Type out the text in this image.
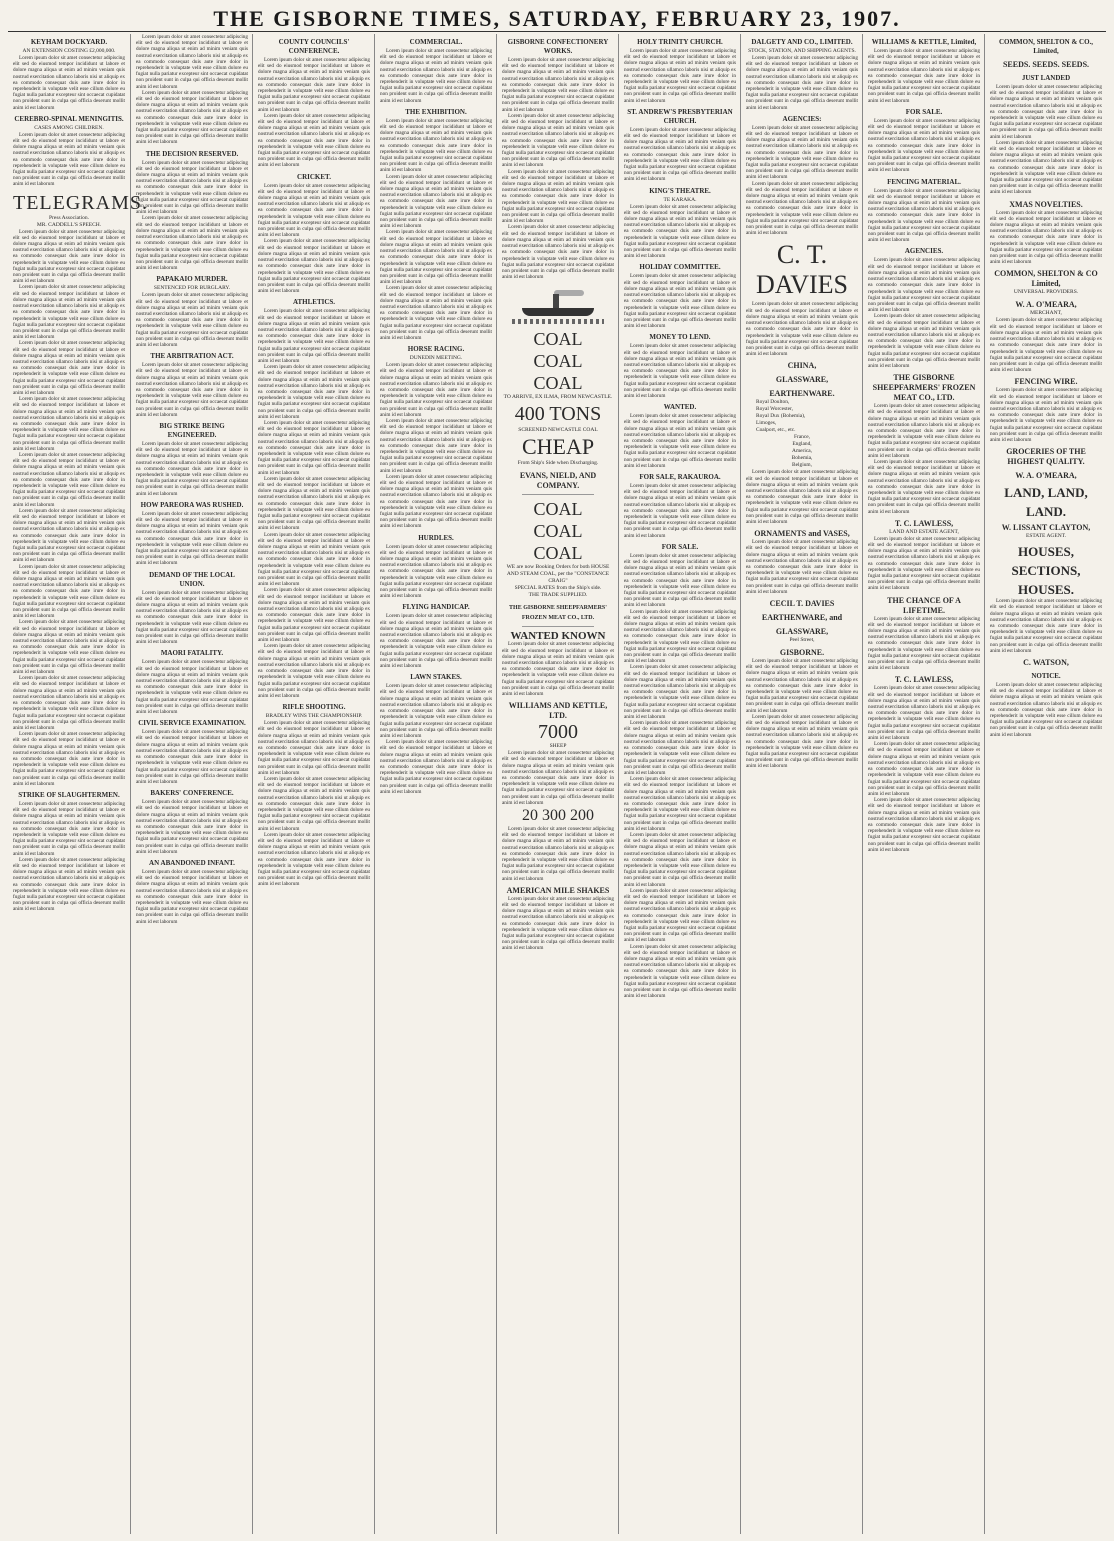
THE GISBORNE TIMES, SATURDAY, FEBRUARY 23, 1907.
KEYHAM DOCKYARD.
AN EXTENSION COSTING £2,000,000.

Lorem ipsum dolor sit amet consectetur adipiscing elit sed do eiusmod tempor incididunt ut labore et dolore magna aliqua ut enim ad minim veniam quis nostrud exercitation ullamco laboris nisi ut aliquip ex ea commodo consequat duis aute irure dolor in reprehenderit in voluptate velit esse cillum dolore eu fugiat nulla pariatur excepteur sint occaecat cupidatat non proident sunt in culpa qui officia deserunt mollit anim id est laborum

CEREBRO-SPINAL MENINGITIS.
CASES AMONG CHILDREN.

Lorem ipsum dolor sit amet consectetur adipiscing elit sed do eiusmod tempor incididunt ut labore et dolore magna aliqua ut enim ad minim veniam quis nostrud exercitation ullamco laboris nisi ut aliquip ex ea commodo consequat duis aute irure dolor in reprehenderit in voluptate velit esse cillum dolore eu fugiat nulla pariatur excepteur sint occaecat cupidatat non proident sunt in culpa qui officia deserunt mollit anim id est laborum

TELEGRAMS.
Press Association.
MR. CADDELL'S SPEECH.

Lorem ipsum dolor sit amet consectetur adipiscing elit sed do eiusmod tempor incididunt ut labore et dolore magna aliqua ut enim ad minim veniam quis nostrud exercitation ullamco laboris nisi ut aliquip ex ea commodo consequat duis aute irure dolor in reprehenderit in voluptate velit esse cillum dolore eu fugiat nulla pariatur excepteur sint occaecat cupidatat non proident sunt in culpa qui officia deserunt mollit anim id est laborum

Lorem ipsum dolor sit amet consectetur adipiscing elit sed do eiusmod tempor incididunt ut labore et dolore magna aliqua ut enim ad minim veniam quis nostrud exercitation ullamco laboris nisi ut aliquip ex ea commodo consequat duis aute irure dolor in reprehenderit in voluptate velit esse cillum dolore eu fugiat nulla pariatur excepteur sint occaecat cupidatat non proident sunt in culpa qui officia deserunt mollit anim id est laborum

Lorem ipsum dolor sit amet consectetur adipiscing elit sed do eiusmod tempor incididunt ut labore et dolore magna aliqua ut enim ad minim veniam quis nostrud exercitation ullamco laboris nisi ut aliquip ex ea commodo consequat duis aute irure dolor in reprehenderit in voluptate velit esse cillum dolore eu fugiat nulla pariatur excepteur sint occaecat cupidatat non proident sunt in culpa qui officia deserunt mollit anim id est laborum

Lorem ipsum dolor sit amet consectetur adipiscing elit sed do eiusmod tempor incididunt ut labore et dolore magna aliqua ut enim ad minim veniam quis nostrud exercitation ullamco laboris nisi ut aliquip ex ea commodo consequat duis aute irure dolor in reprehenderit in voluptate velit esse cillum dolore eu fugiat nulla pariatur excepteur sint occaecat cupidatat non proident sunt in culpa qui officia deserunt mollit anim id est laborum

Lorem ipsum dolor sit amet consectetur adipiscing elit sed do eiusmod tempor incididunt ut labore et dolore magna aliqua ut enim ad minim veniam quis nostrud exercitation ullamco laboris nisi ut aliquip ex ea commodo consequat duis aute irure dolor in reprehenderit in voluptate velit esse cillum dolore eu fugiat nulla pariatur excepteur sint occaecat cupidatat non proident sunt in culpa qui officia deserunt mollit anim id est laborum

Lorem ipsum dolor sit amet consectetur adipiscing elit sed do eiusmod tempor incididunt ut labore et dolore magna aliqua ut enim ad minim veniam quis nostrud exercitation ullamco laboris nisi ut aliquip ex ea commodo consequat duis aute irure dolor in reprehenderit in voluptate velit esse cillum dolore eu fugiat nulla pariatur excepteur sint occaecat cupidatat non proident sunt in culpa qui officia deserunt mollit anim id est laborum

Lorem ipsum dolor sit amet consectetur adipiscing elit sed do eiusmod tempor incididunt ut labore et dolore magna aliqua ut enim ad minim veniam quis nostrud exercitation ullamco laboris nisi ut aliquip ex ea commodo consequat duis aute irure dolor in reprehenderit in voluptate velit esse cillum dolore eu fugiat nulla pariatur excepteur sint occaecat cupidatat non proident sunt in culpa qui officia deserunt mollit anim id est laborum

Lorem ipsum dolor sit amet consectetur adipiscing elit sed do eiusmod tempor incididunt ut labore et dolore magna aliqua ut enim ad minim veniam quis nostrud exercitation ullamco laboris nisi ut aliquip ex ea commodo consequat duis aute irure dolor in reprehenderit in voluptate velit esse cillum dolore eu fugiat nulla pariatur excepteur sint occaecat cupidatat non proident sunt in culpa qui officia deserunt mollit anim id est laborum

Lorem ipsum dolor sit amet consectetur adipiscing elit sed do eiusmod tempor incididunt ut labore et dolore magna aliqua ut enim ad minim veniam quis nostrud exercitation ullamco laboris nisi ut aliquip ex ea commodo consequat duis aute irure dolor in reprehenderit in voluptate velit esse cillum dolore eu fugiat nulla pariatur excepteur sint occaecat cupidatat non proident sunt in culpa qui officia deserunt mollit anim id est laborum

Lorem ipsum dolor sit amet consectetur adipiscing elit sed do eiusmod tempor incididunt ut labore et dolore magna aliqua ut enim ad minim veniam quis nostrud exercitation ullamco laboris nisi ut aliquip ex ea commodo consequat duis aute irure dolor in reprehenderit in voluptate velit esse cillum dolore eu fugiat nulla pariatur excepteur sint occaecat cupidatat non proident sunt in culpa qui officia deserunt mollit anim id est laborum

STRIKE OF SLAUGHTERMEN.

Lorem ipsum dolor sit amet consectetur adipiscing elit sed do eiusmod tempor incididunt ut labore et dolore magna aliqua ut enim ad minim veniam quis nostrud exercitation ullamco laboris nisi ut aliquip ex ea commodo consequat duis aute irure dolor in reprehenderit in voluptate velit esse cillum dolore eu fugiat nulla pariatur excepteur sint occaecat cupidatat non proident sunt in culpa qui officia deserunt mollit anim id est laborum

Lorem ipsum dolor sit amet consectetur adipiscing elit sed do eiusmod tempor incididunt ut labore et dolore magna aliqua ut enim ad minim veniam quis nostrud exercitation ullamco laboris nisi ut aliquip ex ea commodo consequat duis aute irure dolor in reprehenderit in voluptate velit esse cillum dolore eu fugiat nulla pariatur excepteur sint occaecat cupidatat non proident sunt in culpa qui officia deserunt mollit anim id est laborum

Lorem ipsum dolor sit amet consectetur adipiscing elit sed do eiusmod tempor incididunt ut labore et dolore magna aliqua ut enim ad minim veniam quis nostrud exercitation ullamco laboris nisi ut aliquip ex ea commodo consequat duis aute irure dolor in reprehenderit in voluptate velit esse cillum dolore eu fugiat nulla pariatur excepteur sint occaecat cupidatat non proident sunt in culpa qui officia deserunt mollit anim id est laborum

Lorem ipsum dolor sit amet consectetur adipiscing elit sed do eiusmod tempor incididunt ut labore et dolore magna aliqua ut enim ad minim veniam quis nostrud exercitation ullamco laboris nisi ut aliquip ex ea commodo consequat duis aute irure dolor in reprehenderit in voluptate velit esse cillum dolore eu fugiat nulla pariatur excepteur sint occaecat cupidatat non proident sunt in culpa qui officia deserunt mollit anim id est laborum

THE DECISION RESERVED.

Lorem ipsum dolor sit amet consectetur adipiscing elit sed do eiusmod tempor incididunt ut labore et dolore magna aliqua ut enim ad minim veniam quis nostrud exercitation ullamco laboris nisi ut aliquip ex ea commodo consequat duis aute irure dolor in reprehenderit in voluptate velit esse cillum dolore eu fugiat nulla pariatur excepteur sint occaecat cupidatat non proident sunt in culpa qui officia deserunt mollit anim id est laborum

Lorem ipsum dolor sit amet consectetur adipiscing elit sed do eiusmod tempor incididunt ut labore et dolore magna aliqua ut enim ad minim veniam quis nostrud exercitation ullamco laboris nisi ut aliquip ex ea commodo consequat duis aute irure dolor in reprehenderit in voluptate velit esse cillum dolore eu fugiat nulla pariatur excepteur sint occaecat cupidatat non proident sunt in culpa qui officia deserunt mollit anim id est laborum

PAPAKAIO MURDER.
SENTENCED FOR BURGLARY.

Lorem ipsum dolor sit amet consectetur adipiscing elit sed do eiusmod tempor incididunt ut labore et dolore magna aliqua ut enim ad minim veniam quis nostrud exercitation ullamco laboris nisi ut aliquip ex ea commodo consequat duis aute irure dolor in reprehenderit in voluptate velit esse cillum dolore eu fugiat nulla pariatur excepteur sint occaecat cupidatat non proident sunt in culpa qui officia deserunt mollit anim id est laborum

THE ARBITRATION ACT.

Lorem ipsum dolor sit amet consectetur adipiscing elit sed do eiusmod tempor incididunt ut labore et dolore magna aliqua ut enim ad minim veniam quis nostrud exercitation ullamco laboris nisi ut aliquip ex ea commodo consequat duis aute irure dolor in reprehenderit in voluptate velit esse cillum dolore eu fugiat nulla pariatur excepteur sint occaecat cupidatat non proident sunt in culpa qui officia deserunt mollit anim id est laborum

BIG STRIKE BEING ENGINEERED.

Lorem ipsum dolor sit amet consectetur adipiscing elit sed do eiusmod tempor incididunt ut labore et dolore magna aliqua ut enim ad minim veniam quis nostrud exercitation ullamco laboris nisi ut aliquip ex ea commodo consequat duis aute irure dolor in reprehenderit in voluptate velit esse cillum dolore eu fugiat nulla pariatur excepteur sint occaecat cupidatat non proident sunt in culpa qui officia deserunt mollit anim id est laborum

HOW PAREORA WAS RUSHED.

Lorem ipsum dolor sit amet consectetur adipiscing elit sed do eiusmod tempor incididunt ut labore et dolore magna aliqua ut enim ad minim veniam quis nostrud exercitation ullamco laboris nisi ut aliquip ex ea commodo consequat duis aute irure dolor in reprehenderit in voluptate velit esse cillum dolore eu fugiat nulla pariatur excepteur sint occaecat cupidatat non proident sunt in culpa qui officia deserunt mollit anim id est laborum

DEMAND OF THE LOCAL UNION.

Lorem ipsum dolor sit amet consectetur adipiscing elit sed do eiusmod tempor incididunt ut labore et dolore magna aliqua ut enim ad minim veniam quis nostrud exercitation ullamco laboris nisi ut aliquip ex ea commodo consequat duis aute irure dolor in reprehenderit in voluptate velit esse cillum dolore eu fugiat nulla pariatur excepteur sint occaecat cupidatat non proident sunt in culpa qui officia deserunt mollit anim id est laborum

MAORI FATALITY.

Lorem ipsum dolor sit amet consectetur adipiscing elit sed do eiusmod tempor incididunt ut labore et dolore magna aliqua ut enim ad minim veniam quis nostrud exercitation ullamco laboris nisi ut aliquip ex ea commodo consequat duis aute irure dolor in reprehenderit in voluptate velit esse cillum dolore eu fugiat nulla pariatur excepteur sint occaecat cupidatat non proident sunt in culpa qui officia deserunt mollit anim id est laborum

CIVIL SERVICE EXAMINATION.

Lorem ipsum dolor sit amet consectetur adipiscing elit sed do eiusmod tempor incididunt ut labore et dolore magna aliqua ut enim ad minim veniam quis nostrud exercitation ullamco laboris nisi ut aliquip ex ea commodo consequat duis aute irure dolor in reprehenderit in voluptate velit esse cillum dolore eu fugiat nulla pariatur excepteur sint occaecat cupidatat non proident sunt in culpa qui officia deserunt mollit anim id est laborum

BAKERS' CONFERENCE.

Lorem ipsum dolor sit amet consectetur adipiscing elit sed do eiusmod tempor incididunt ut labore et dolore magna aliqua ut enim ad minim veniam quis nostrud exercitation ullamco laboris nisi ut aliquip ex ea commodo consequat duis aute irure dolor in reprehenderit in voluptate velit esse cillum dolore eu fugiat nulla pariatur excepteur sint occaecat cupidatat non proident sunt in culpa qui officia deserunt mollit anim id est laborum

AN ABANDONED INFANT.

Lorem ipsum dolor sit amet consectetur adipiscing elit sed do eiusmod tempor incididunt ut labore et dolore magna aliqua ut enim ad minim veniam quis nostrud exercitation ullamco laboris nisi ut aliquip ex ea commodo consequat duis aute irure dolor in reprehenderit in voluptate velit esse cillum dolore eu fugiat nulla pariatur excepteur sint occaecat cupidatat non proident sunt in culpa qui officia deserunt mollit anim id est laborum

COUNTY COUNCILS' CONFERENCE.

Lorem ipsum dolor sit amet consectetur adipiscing elit sed do eiusmod tempor incididunt ut labore et dolore magna aliqua ut enim ad minim veniam quis nostrud exercitation ullamco laboris nisi ut aliquip ex ea commodo consequat duis aute irure dolor in reprehenderit in voluptate velit esse cillum dolore eu fugiat nulla pariatur excepteur sint occaecat cupidatat non proident sunt in culpa qui officia deserunt mollit anim id est laborum

Lorem ipsum dolor sit amet consectetur adipiscing elit sed do eiusmod tempor incididunt ut labore et dolore magna aliqua ut enim ad minim veniam quis nostrud exercitation ullamco laboris nisi ut aliquip ex ea commodo consequat duis aute irure dolor in reprehenderit in voluptate velit esse cillum dolore eu fugiat nulla pariatur excepteur sint occaecat cupidatat non proident sunt in culpa qui officia deserunt mollit anim id est laborum

CRICKET.

Lorem ipsum dolor sit amet consectetur adipiscing elit sed do eiusmod tempor incididunt ut labore et dolore magna aliqua ut enim ad minim veniam quis nostrud exercitation ullamco laboris nisi ut aliquip ex ea commodo consequat duis aute irure dolor in reprehenderit in voluptate velit esse cillum dolore eu fugiat nulla pariatur excepteur sint occaecat cupidatat non proident sunt in culpa qui officia deserunt mollit anim id est laborum

Lorem ipsum dolor sit amet consectetur adipiscing elit sed do eiusmod tempor incididunt ut labore et dolore magna aliqua ut enim ad minim veniam quis nostrud exercitation ullamco laboris nisi ut aliquip ex ea commodo consequat duis aute irure dolor in reprehenderit in voluptate velit esse cillum dolore eu fugiat nulla pariatur excepteur sint occaecat cupidatat non proident sunt in culpa qui officia deserunt mollit anim id est laborum

ATHLETICS.

Lorem ipsum dolor sit amet consectetur adipiscing elit sed do eiusmod tempor incididunt ut labore et dolore magna aliqua ut enim ad minim veniam quis nostrud exercitation ullamco laboris nisi ut aliquip ex ea commodo consequat duis aute irure dolor in reprehenderit in voluptate velit esse cillum dolore eu fugiat nulla pariatur excepteur sint occaecat cupidatat non proident sunt in culpa qui officia deserunt mollit anim id est laborum

Lorem ipsum dolor sit amet consectetur adipiscing elit sed do eiusmod tempor incididunt ut labore et dolore magna aliqua ut enim ad minim veniam quis nostrud exercitation ullamco laboris nisi ut aliquip ex ea commodo consequat duis aute irure dolor in reprehenderit in voluptate velit esse cillum dolore eu fugiat nulla pariatur excepteur sint occaecat cupidatat non proident sunt in culpa qui officia deserunt mollit anim id est laborum

Lorem ipsum dolor sit amet consectetur adipiscing elit sed do eiusmod tempor incididunt ut labore et dolore magna aliqua ut enim ad minim veniam quis nostrud exercitation ullamco laboris nisi ut aliquip ex ea commodo consequat duis aute irure dolor in reprehenderit in voluptate velit esse cillum dolore eu fugiat nulla pariatur excepteur sint occaecat cupidatat non proident sunt in culpa qui officia deserunt mollit anim id est laborum

Lorem ipsum dolor sit amet consectetur adipiscing elit sed do eiusmod tempor incididunt ut labore et dolore magna aliqua ut enim ad minim veniam quis nostrud exercitation ullamco laboris nisi ut aliquip ex ea commodo consequat duis aute irure dolor in reprehenderit in voluptate velit esse cillum dolore eu fugiat nulla pariatur excepteur sint occaecat cupidatat non proident sunt in culpa qui officia deserunt mollit anim id est laborum

Lorem ipsum dolor sit amet consectetur adipiscing elit sed do eiusmod tempor incididunt ut labore et dolore magna aliqua ut enim ad minim veniam quis nostrud exercitation ullamco laboris nisi ut aliquip ex ea commodo consequat duis aute irure dolor in reprehenderit in voluptate velit esse cillum dolore eu fugiat nulla pariatur excepteur sint occaecat cupidatat non proident sunt in culpa qui officia deserunt mollit anim id est laborum

Lorem ipsum dolor sit amet consectetur adipiscing elit sed do eiusmod tempor incididunt ut labore et dolore magna aliqua ut enim ad minim veniam quis nostrud exercitation ullamco laboris nisi ut aliquip ex ea commodo consequat duis aute irure dolor in reprehenderit in voluptate velit esse cillum dolore eu fugiat nulla pariatur excepteur sint occaecat cupidatat non proident sunt in culpa qui officia deserunt mollit anim id est laborum

Lorem ipsum dolor sit amet consectetur adipiscing elit sed do eiusmod tempor incididunt ut labore et dolore magna aliqua ut enim ad minim veniam quis nostrud exercitation ullamco laboris nisi ut aliquip ex ea commodo consequat duis aute irure dolor in reprehenderit in voluptate velit esse cillum dolore eu fugiat nulla pariatur excepteur sint occaecat cupidatat non proident sunt in culpa qui officia deserunt mollit anim id est laborum

RIFLE SHOOTING.
BRADLEY WINS THE CHAMPIONSHIP.

Lorem ipsum dolor sit amet consectetur adipiscing elit sed do eiusmod tempor incididunt ut labore et dolore magna aliqua ut enim ad minim veniam quis nostrud exercitation ullamco laboris nisi ut aliquip ex ea commodo consequat duis aute irure dolor in reprehenderit in voluptate velit esse cillum dolore eu fugiat nulla pariatur excepteur sint occaecat cupidatat non proident sunt in culpa qui officia deserunt mollit anim id est laborum

Lorem ipsum dolor sit amet consectetur adipiscing elit sed do eiusmod tempor incididunt ut labore et dolore magna aliqua ut enim ad minim veniam quis nostrud exercitation ullamco laboris nisi ut aliquip ex ea commodo consequat duis aute irure dolor in reprehenderit in voluptate velit esse cillum dolore eu fugiat nulla pariatur excepteur sint occaecat cupidatat non proident sunt in culpa qui officia deserunt mollit anim id est laborum

Lorem ipsum dolor sit amet consectetur adipiscing elit sed do eiusmod tempor incididunt ut labore et dolore magna aliqua ut enim ad minim veniam quis nostrud exercitation ullamco laboris nisi ut aliquip ex ea commodo consequat duis aute irure dolor in reprehenderit in voluptate velit esse cillum dolore eu fugiat nulla pariatur excepteur sint occaecat cupidatat non proident sunt in culpa qui officia deserunt mollit anim id est laborum

COMMERCIAL.

Lorem ipsum dolor sit amet consectetur adipiscing elit sed do eiusmod tempor incididunt ut labore et dolore magna aliqua ut enim ad minim veniam quis nostrud exercitation ullamco laboris nisi ut aliquip ex ea commodo consequat duis aute irure dolor in reprehenderit in voluptate velit esse cillum dolore eu fugiat nulla pariatur excepteur sint occaecat cupidatat non proident sunt in culpa qui officia deserunt mollit anim id est laborum

THE EXHIBITION.

Lorem ipsum dolor sit amet consectetur adipiscing elit sed do eiusmod tempor incididunt ut labore et dolore magna aliqua ut enim ad minim veniam quis nostrud exercitation ullamco laboris nisi ut aliquip ex ea commodo consequat duis aute irure dolor in reprehenderit in voluptate velit esse cillum dolore eu fugiat nulla pariatur excepteur sint occaecat cupidatat non proident sunt in culpa qui officia deserunt mollit anim id est laborum

Lorem ipsum dolor sit amet consectetur adipiscing elit sed do eiusmod tempor incididunt ut labore et dolore magna aliqua ut enim ad minim veniam quis nostrud exercitation ullamco laboris nisi ut aliquip ex ea commodo consequat duis aute irure dolor in reprehenderit in voluptate velit esse cillum dolore eu fugiat nulla pariatur excepteur sint occaecat cupidatat non proident sunt in culpa qui officia deserunt mollit anim id est laborum

Lorem ipsum dolor sit amet consectetur adipiscing elit sed do eiusmod tempor incididunt ut labore et dolore magna aliqua ut enim ad minim veniam quis nostrud exercitation ullamco laboris nisi ut aliquip ex ea commodo consequat duis aute irure dolor in reprehenderit in voluptate velit esse cillum dolore eu fugiat nulla pariatur excepteur sint occaecat cupidatat non proident sunt in culpa qui officia deserunt mollit anim id est laborum

Lorem ipsum dolor sit amet consectetur adipiscing elit sed do eiusmod tempor incididunt ut labore et dolore magna aliqua ut enim ad minim veniam quis nostrud exercitation ullamco laboris nisi ut aliquip ex ea commodo consequat duis aute irure dolor in reprehenderit in voluptate velit esse cillum dolore eu fugiat nulla pariatur excepteur sint occaecat cupidatat non proident sunt in culpa qui officia deserunt mollit anim id est laborum

HORSE RACING.
DUNEDIN MEETING.

Lorem ipsum dolor sit amet consectetur adipiscing elit sed do eiusmod tempor incididunt ut labore et dolore magna aliqua ut enim ad minim veniam quis nostrud exercitation ullamco laboris nisi ut aliquip ex ea commodo consequat duis aute irure dolor in reprehenderit in voluptate velit esse cillum dolore eu fugiat nulla pariatur excepteur sint occaecat cupidatat non proident sunt in culpa qui officia deserunt mollit anim id est laborum

Lorem ipsum dolor sit amet consectetur adipiscing elit sed do eiusmod tempor incididunt ut labore et dolore magna aliqua ut enim ad minim veniam quis nostrud exercitation ullamco laboris nisi ut aliquip ex ea commodo consequat duis aute irure dolor in reprehenderit in voluptate velit esse cillum dolore eu fugiat nulla pariatur excepteur sint occaecat cupidatat non proident sunt in culpa qui officia deserunt mollit anim id est laborum

Lorem ipsum dolor sit amet consectetur adipiscing elit sed do eiusmod tempor incididunt ut labore et dolore magna aliqua ut enim ad minim veniam quis nostrud exercitation ullamco laboris nisi ut aliquip ex ea commodo consequat duis aute irure dolor in reprehenderit in voluptate velit esse cillum dolore eu fugiat nulla pariatur excepteur sint occaecat cupidatat non proident sunt in culpa qui officia deserunt mollit anim id est laborum

HURDLES.

Lorem ipsum dolor sit amet consectetur adipiscing elit sed do eiusmod tempor incididunt ut labore et dolore magna aliqua ut enim ad minim veniam quis nostrud exercitation ullamco laboris nisi ut aliquip ex ea commodo consequat duis aute irure dolor in reprehenderit in voluptate velit esse cillum dolore eu fugiat nulla pariatur excepteur sint occaecat cupidatat non proident sunt in culpa qui officia deserunt mollit anim id est laborum

FLYING HANDICAP.

Lorem ipsum dolor sit amet consectetur adipiscing elit sed do eiusmod tempor incididunt ut labore et dolore magna aliqua ut enim ad minim veniam quis nostrud exercitation ullamco laboris nisi ut aliquip ex ea commodo consequat duis aute irure dolor in reprehenderit in voluptate velit esse cillum dolore eu fugiat nulla pariatur excepteur sint occaecat cupidatat non proident sunt in culpa qui officia deserunt mollit anim id est laborum

LAWN STAKES.

Lorem ipsum dolor sit amet consectetur adipiscing elit sed do eiusmod tempor incididunt ut labore et dolore magna aliqua ut enim ad minim veniam quis nostrud exercitation ullamco laboris nisi ut aliquip ex ea commodo consequat duis aute irure dolor in reprehenderit in voluptate velit esse cillum dolore eu fugiat nulla pariatur excepteur sint occaecat cupidatat non proident sunt in culpa qui officia deserunt mollit anim id est laborum

Lorem ipsum dolor sit amet consectetur adipiscing elit sed do eiusmod tempor incididunt ut labore et dolore magna aliqua ut enim ad minim veniam quis nostrud exercitation ullamco laboris nisi ut aliquip ex ea commodo consequat duis aute irure dolor in reprehenderit in voluptate velit esse cillum dolore eu fugiat nulla pariatur excepteur sint occaecat cupidatat non proident sunt in culpa qui officia deserunt mollit anim id est laborum

GISBORNE CONFECTIONERY WORKS.

Lorem ipsum dolor sit amet consectetur adipiscing elit sed do eiusmod tempor incididunt ut labore et dolore magna aliqua ut enim ad minim veniam quis nostrud exercitation ullamco laboris nisi ut aliquip ex ea commodo consequat duis aute irure dolor in reprehenderit in voluptate velit esse cillum dolore eu fugiat nulla pariatur excepteur sint occaecat cupidatat non proident sunt in culpa qui officia deserunt mollit anim id est laborum

Lorem ipsum dolor sit amet consectetur adipiscing elit sed do eiusmod tempor incididunt ut labore et dolore magna aliqua ut enim ad minim veniam quis nostrud exercitation ullamco laboris nisi ut aliquip ex ea commodo consequat duis aute irure dolor in reprehenderit in voluptate velit esse cillum dolore eu fugiat nulla pariatur excepteur sint occaecat cupidatat non proident sunt in culpa qui officia deserunt mollit anim id est laborum

Lorem ipsum dolor sit amet consectetur adipiscing elit sed do eiusmod tempor incididunt ut labore et dolore magna aliqua ut enim ad minim veniam quis nostrud exercitation ullamco laboris nisi ut aliquip ex ea commodo consequat duis aute irure dolor in reprehenderit in voluptate velit esse cillum dolore eu fugiat nulla pariatur excepteur sint occaecat cupidatat non proident sunt in culpa qui officia deserunt mollit anim id est laborum

Lorem ipsum dolor sit amet consectetur adipiscing elit sed do eiusmod tempor incididunt ut labore et dolore magna aliqua ut enim ad minim veniam quis nostrud exercitation ullamco laboris nisi ut aliquip ex ea commodo consequat duis aute irure dolor in reprehenderit in voluptate velit esse cillum dolore eu fugiat nulla pariatur excepteur sint occaecat cupidatat non proident sunt in culpa qui officia deserunt mollit anim id est laborum

COAL
COAL
COAL
TO ARRIVE, EX ILMA, FROM NEWCASTLE.
400 TONS
SCREENED NEWCASTLE COAL
CHEAP
From Ship's Side when Discharging.
EVANS, NIELD, AND COMPANY.
COAL
COAL
COAL
WE are now Booking Orders for both HOUSE AND STEAM COAL, per the "CONSTANCE CRAIG"
SPECIAL RATES from the Ship's side.
THE TRADE SUPPLIED.
THE GISBORNE SHEEPFARMERS' FROZEN MEAT CO., LTD.
WANTED KNOWN

Lorem ipsum dolor sit amet consectetur adipiscing elit sed do eiusmod tempor incididunt ut labore et dolore magna aliqua ut enim ad minim veniam quis nostrud exercitation ullamco laboris nisi ut aliquip ex ea commodo consequat duis aute irure dolor in reprehenderit in voluptate velit esse cillum dolore eu fugiat nulla pariatur excepteur sint occaecat cupidatat non proident sunt in culpa qui officia deserunt mollit anim id est laborum

WILLIAMS AND KETTLE, LTD.
7000
SHEEP

Lorem ipsum dolor sit amet consectetur adipiscing elit sed do eiusmod tempor incididunt ut labore et dolore magna aliqua ut enim ad minim veniam quis nostrud exercitation ullamco laboris nisi ut aliquip ex ea commodo consequat duis aute irure dolor in reprehenderit in voluptate velit esse cillum dolore eu fugiat nulla pariatur excepteur sint occaecat cupidatat non proident sunt in culpa qui officia deserunt mollit anim id est laborum

20 300 200

Lorem ipsum dolor sit amet consectetur adipiscing elit sed do eiusmod tempor incididunt ut labore et dolore magna aliqua ut enim ad minim veniam quis nostrud exercitation ullamco laboris nisi ut aliquip ex ea commodo consequat duis aute irure dolor in reprehenderit in voluptate velit esse cillum dolore eu fugiat nulla pariatur excepteur sint occaecat cupidatat non proident sunt in culpa qui officia deserunt mollit anim id est laborum

AMERICAN MILE SHAKES

Lorem ipsum dolor sit amet consectetur adipiscing elit sed do eiusmod tempor incididunt ut labore et dolore magna aliqua ut enim ad minim veniam quis nostrud exercitation ullamco laboris nisi ut aliquip ex ea commodo consequat duis aute irure dolor in reprehenderit in voluptate velit esse cillum dolore eu fugiat nulla pariatur excepteur sint occaecat cupidatat non proident sunt in culpa qui officia deserunt mollit anim id est laborum

HOLY TRINITY CHURCH.

Lorem ipsum dolor sit amet consectetur adipiscing elit sed do eiusmod tempor incididunt ut labore et dolore magna aliqua ut enim ad minim veniam quis nostrud exercitation ullamco laboris nisi ut aliquip ex ea commodo consequat duis aute irure dolor in reprehenderit in voluptate velit esse cillum dolore eu fugiat nulla pariatur excepteur sint occaecat cupidatat non proident sunt in culpa qui officia deserunt mollit anim id est laborum

ST. ANDREW'S PRESBYTERIAN CHURCH.

Lorem ipsum dolor sit amet consectetur adipiscing elit sed do eiusmod tempor incididunt ut labore et dolore magna aliqua ut enim ad minim veniam quis nostrud exercitation ullamco laboris nisi ut aliquip ex ea commodo consequat duis aute irure dolor in reprehenderit in voluptate velit esse cillum dolore eu fugiat nulla pariatur excepteur sint occaecat cupidatat non proident sunt in culpa qui officia deserunt mollit anim id est laborum

KING'S THEATRE.
TE KARAKA.

Lorem ipsum dolor sit amet consectetur adipiscing elit sed do eiusmod tempor incididunt ut labore et dolore magna aliqua ut enim ad minim veniam quis nostrud exercitation ullamco laboris nisi ut aliquip ex ea commodo consequat duis aute irure dolor in reprehenderit in voluptate velit esse cillum dolore eu fugiat nulla pariatur excepteur sint occaecat cupidatat non proident sunt in culpa qui officia deserunt mollit anim id est laborum

HOLIDAY COMMITTEE.

Lorem ipsum dolor sit amet consectetur adipiscing elit sed do eiusmod tempor incididunt ut labore et dolore magna aliqua ut enim ad minim veniam quis nostrud exercitation ullamco laboris nisi ut aliquip ex ea commodo consequat duis aute irure dolor in reprehenderit in voluptate velit esse cillum dolore eu fugiat nulla pariatur excepteur sint occaecat cupidatat non proident sunt in culpa qui officia deserunt mollit anim id est laborum

MONEY TO LEND.

Lorem ipsum dolor sit amet consectetur adipiscing elit sed do eiusmod tempor incididunt ut labore et dolore magna aliqua ut enim ad minim veniam quis nostrud exercitation ullamco laboris nisi ut aliquip ex ea commodo consequat duis aute irure dolor in reprehenderit in voluptate velit esse cillum dolore eu fugiat nulla pariatur excepteur sint occaecat cupidatat non proident sunt in culpa qui officia deserunt mollit anim id est laborum

WANTED.

Lorem ipsum dolor sit amet consectetur adipiscing elit sed do eiusmod tempor incididunt ut labore et dolore magna aliqua ut enim ad minim veniam quis nostrud exercitation ullamco laboris nisi ut aliquip ex ea commodo consequat duis aute irure dolor in reprehenderit in voluptate velit esse cillum dolore eu fugiat nulla pariatur excepteur sint occaecat cupidatat non proident sunt in culpa qui officia deserunt mollit anim id est laborum

FOR SALE, RAKAUROA.

Lorem ipsum dolor sit amet consectetur adipiscing elit sed do eiusmod tempor incididunt ut labore et dolore magna aliqua ut enim ad minim veniam quis nostrud exercitation ullamco laboris nisi ut aliquip ex ea commodo consequat duis aute irure dolor in reprehenderit in voluptate velit esse cillum dolore eu fugiat nulla pariatur excepteur sint occaecat cupidatat non proident sunt in culpa qui officia deserunt mollit anim id est laborum

FOR SALE.

Lorem ipsum dolor sit amet consectetur adipiscing elit sed do eiusmod tempor incididunt ut labore et dolore magna aliqua ut enim ad minim veniam quis nostrud exercitation ullamco laboris nisi ut aliquip ex ea commodo consequat duis aute irure dolor in reprehenderit in voluptate velit esse cillum dolore eu fugiat nulla pariatur excepteur sint occaecat cupidatat non proident sunt in culpa qui officia deserunt mollit anim id est laborum

Lorem ipsum dolor sit amet consectetur adipiscing elit sed do eiusmod tempor incididunt ut labore et dolore magna aliqua ut enim ad minim veniam quis nostrud exercitation ullamco laboris nisi ut aliquip ex ea commodo consequat duis aute irure dolor in reprehenderit in voluptate velit esse cillum dolore eu fugiat nulla pariatur excepteur sint occaecat cupidatat non proident sunt in culpa qui officia deserunt mollit anim id est laborum

Lorem ipsum dolor sit amet consectetur adipiscing elit sed do eiusmod tempor incididunt ut labore et dolore magna aliqua ut enim ad minim veniam quis nostrud exercitation ullamco laboris nisi ut aliquip ex ea commodo consequat duis aute irure dolor in reprehenderit in voluptate velit esse cillum dolore eu fugiat nulla pariatur excepteur sint occaecat cupidatat non proident sunt in culpa qui officia deserunt mollit anim id est laborum

Lorem ipsum dolor sit amet consectetur adipiscing elit sed do eiusmod tempor incididunt ut labore et dolore magna aliqua ut enim ad minim veniam quis nostrud exercitation ullamco laboris nisi ut aliquip ex ea commodo consequat duis aute irure dolor in reprehenderit in voluptate velit esse cillum dolore eu fugiat nulla pariatur excepteur sint occaecat cupidatat non proident sunt in culpa qui officia deserunt mollit anim id est laborum

Lorem ipsum dolor sit amet consectetur adipiscing elit sed do eiusmod tempor incididunt ut labore et dolore magna aliqua ut enim ad minim veniam quis nostrud exercitation ullamco laboris nisi ut aliquip ex ea commodo consequat duis aute irure dolor in reprehenderit in voluptate velit esse cillum dolore eu fugiat nulla pariatur excepteur sint occaecat cupidatat non proident sunt in culpa qui officia deserunt mollit anim id est laborum

Lorem ipsum dolor sit amet consectetur adipiscing elit sed do eiusmod tempor incididunt ut labore et dolore magna aliqua ut enim ad minim veniam quis nostrud exercitation ullamco laboris nisi ut aliquip ex ea commodo consequat duis aute irure dolor in reprehenderit in voluptate velit esse cillum dolore eu fugiat nulla pariatur excepteur sint occaecat cupidatat non proident sunt in culpa qui officia deserunt mollit anim id est laborum

Lorem ipsum dolor sit amet consectetur adipiscing elit sed do eiusmod tempor incididunt ut labore et dolore magna aliqua ut enim ad minim veniam quis nostrud exercitation ullamco laboris nisi ut aliquip ex ea commodo consequat duis aute irure dolor in reprehenderit in voluptate velit esse cillum dolore eu fugiat nulla pariatur excepteur sint occaecat cupidatat non proident sunt in culpa qui officia deserunt mollit anim id est laborum

Lorem ipsum dolor sit amet consectetur adipiscing elit sed do eiusmod tempor incididunt ut labore et dolore magna aliqua ut enim ad minim veniam quis nostrud exercitation ullamco laboris nisi ut aliquip ex ea commodo consequat duis aute irure dolor in reprehenderit in voluptate velit esse cillum dolore eu fugiat nulla pariatur excepteur sint occaecat cupidatat non proident sunt in culpa qui officia deserunt mollit anim id est laborum

DALGETY AND CO., LIMITED.
STOCK, STATION, AND SHIPPING AGENTS.

Lorem ipsum dolor sit amet consectetur adipiscing elit sed do eiusmod tempor incididunt ut labore et dolore magna aliqua ut enim ad minim veniam quis nostrud exercitation ullamco laboris nisi ut aliquip ex ea commodo consequat duis aute irure dolor in reprehenderit in voluptate velit esse cillum dolore eu fugiat nulla pariatur excepteur sint occaecat cupidatat non proident sunt in culpa qui officia deserunt mollit anim id est laborum

AGENCIES:

Lorem ipsum dolor sit amet consectetur adipiscing elit sed do eiusmod tempor incididunt ut labore et dolore magna aliqua ut enim ad minim veniam quis nostrud exercitation ullamco laboris nisi ut aliquip ex ea commodo consequat duis aute irure dolor in reprehenderit in voluptate velit esse cillum dolore eu fugiat nulla pariatur excepteur sint occaecat cupidatat non proident sunt in culpa qui officia deserunt mollit anim id est laborum

Lorem ipsum dolor sit amet consectetur adipiscing elit sed do eiusmod tempor incididunt ut labore et dolore magna aliqua ut enim ad minim veniam quis nostrud exercitation ullamco laboris nisi ut aliquip ex ea commodo consequat duis aute irure dolor in reprehenderit in voluptate velit esse cillum dolore eu fugiat nulla pariatur excepteur sint occaecat cupidatat non proident sunt in culpa qui officia deserunt mollit anim id est laborum

C. T. DAVIES

Lorem ipsum dolor sit amet consectetur adipiscing elit sed do eiusmod tempor incididunt ut labore et dolore magna aliqua ut enim ad minim veniam quis nostrud exercitation ullamco laboris nisi ut aliquip ex ea commodo consequat duis aute irure dolor in reprehenderit in voluptate velit esse cillum dolore eu fugiat nulla pariatur excepteur sint occaecat cupidatat non proident sunt in culpa qui officia deserunt mollit anim id est laborum

CHINA,
GLASSWARE,
EARTHENWARE.
Royal Doulton,
Royal Worcester,
Royal Dux (Bohemia),
Limoges,
Coalport, etc., etc.
France,
England,
America,
Bohemia,
Belgium,

Lorem ipsum dolor sit amet consectetur adipiscing elit sed do eiusmod tempor incididunt ut labore et dolore magna aliqua ut enim ad minim veniam quis nostrud exercitation ullamco laboris nisi ut aliquip ex ea commodo consequat duis aute irure dolor in reprehenderit in voluptate velit esse cillum dolore eu fugiat nulla pariatur excepteur sint occaecat cupidatat non proident sunt in culpa qui officia deserunt mollit anim id est laborum

ORNAMENTS and VASES,

Lorem ipsum dolor sit amet consectetur adipiscing elit sed do eiusmod tempor incididunt ut labore et dolore magna aliqua ut enim ad minim veniam quis nostrud exercitation ullamco laboris nisi ut aliquip ex ea commodo consequat duis aute irure dolor in reprehenderit in voluptate velit esse cillum dolore eu fugiat nulla pariatur excepteur sint occaecat cupidatat non proident sunt in culpa qui officia deserunt mollit anim id est laborum

CECIL T. DAVIES
EARTHENWARE, and
GLASSWARE,
Peel Street,
GISBORNE.

Lorem ipsum dolor sit amet consectetur adipiscing elit sed do eiusmod tempor incididunt ut labore et dolore magna aliqua ut enim ad minim veniam quis nostrud exercitation ullamco laboris nisi ut aliquip ex ea commodo consequat duis aute irure dolor in reprehenderit in voluptate velit esse cillum dolore eu fugiat nulla pariatur excepteur sint occaecat cupidatat non proident sunt in culpa qui officia deserunt mollit anim id est laborum

Lorem ipsum dolor sit amet consectetur adipiscing elit sed do eiusmod tempor incididunt ut labore et dolore magna aliqua ut enim ad minim veniam quis nostrud exercitation ullamco laboris nisi ut aliquip ex ea commodo consequat duis aute irure dolor in reprehenderit in voluptate velit esse cillum dolore eu fugiat nulla pariatur excepteur sint occaecat cupidatat non proident sunt in culpa qui officia deserunt mollit anim id est laborum

WILLIAMS & KETTLE, Limited,

Lorem ipsum dolor sit amet consectetur adipiscing elit sed do eiusmod tempor incididunt ut labore et dolore magna aliqua ut enim ad minim veniam quis nostrud exercitation ullamco laboris nisi ut aliquip ex ea commodo consequat duis aute irure dolor in reprehenderit in voluptate velit esse cillum dolore eu fugiat nulla pariatur excepteur sint occaecat cupidatat non proident sunt in culpa qui officia deserunt mollit anim id est laborum

FOR SALE.

Lorem ipsum dolor sit amet consectetur adipiscing elit sed do eiusmod tempor incididunt ut labore et dolore magna aliqua ut enim ad minim veniam quis nostrud exercitation ullamco laboris nisi ut aliquip ex ea commodo consequat duis aute irure dolor in reprehenderit in voluptate velit esse cillum dolore eu fugiat nulla pariatur excepteur sint occaecat cupidatat non proident sunt in culpa qui officia deserunt mollit anim id est laborum

FENCING MATERIAL.

Lorem ipsum dolor sit amet consectetur adipiscing elit sed do eiusmod tempor incididunt ut labore et dolore magna aliqua ut enim ad minim veniam quis nostrud exercitation ullamco laboris nisi ut aliquip ex ea commodo consequat duis aute irure dolor in reprehenderit in voluptate velit esse cillum dolore eu fugiat nulla pariatur excepteur sint occaecat cupidatat non proident sunt in culpa qui officia deserunt mollit anim id est laborum

AGENCIES.

Lorem ipsum dolor sit amet consectetur adipiscing elit sed do eiusmod tempor incididunt ut labore et dolore magna aliqua ut enim ad minim veniam quis nostrud exercitation ullamco laboris nisi ut aliquip ex ea commodo consequat duis aute irure dolor in reprehenderit in voluptate velit esse cillum dolore eu fugiat nulla pariatur excepteur sint occaecat cupidatat non proident sunt in culpa qui officia deserunt mollit anim id est laborum

Lorem ipsum dolor sit amet consectetur adipiscing elit sed do eiusmod tempor incididunt ut labore et dolore magna aliqua ut enim ad minim veniam quis nostrud exercitation ullamco laboris nisi ut aliquip ex ea commodo consequat duis aute irure dolor in reprehenderit in voluptate velit esse cillum dolore eu fugiat nulla pariatur excepteur sint occaecat cupidatat non proident sunt in culpa qui officia deserunt mollit anim id est laborum

THE GISBORNE SHEEPFARMERS' FROZEN MEAT CO., LTD.

Lorem ipsum dolor sit amet consectetur adipiscing elit sed do eiusmod tempor incididunt ut labore et dolore magna aliqua ut enim ad minim veniam quis nostrud exercitation ullamco laboris nisi ut aliquip ex ea commodo consequat duis aute irure dolor in reprehenderit in voluptate velit esse cillum dolore eu fugiat nulla pariatur excepteur sint occaecat cupidatat non proident sunt in culpa qui officia deserunt mollit anim id est laborum

Lorem ipsum dolor sit amet consectetur adipiscing elit sed do eiusmod tempor incididunt ut labore et dolore magna aliqua ut enim ad minim veniam quis nostrud exercitation ullamco laboris nisi ut aliquip ex ea commodo consequat duis aute irure dolor in reprehenderit in voluptate velit esse cillum dolore eu fugiat nulla pariatur excepteur sint occaecat cupidatat non proident sunt in culpa qui officia deserunt mollit anim id est laborum

T. C. LAWLESS,
LAND AND ESTATE AGENT,

Lorem ipsum dolor sit amet consectetur adipiscing elit sed do eiusmod tempor incididunt ut labore et dolore magna aliqua ut enim ad minim veniam quis nostrud exercitation ullamco laboris nisi ut aliquip ex ea commodo consequat duis aute irure dolor in reprehenderit in voluptate velit esse cillum dolore eu fugiat nulla pariatur excepteur sint occaecat cupidatat non proident sunt in culpa qui officia deserunt mollit anim id est laborum

THE CHANCE OF A LIFETIME.

Lorem ipsum dolor sit amet consectetur adipiscing elit sed do eiusmod tempor incididunt ut labore et dolore magna aliqua ut enim ad minim veniam quis nostrud exercitation ullamco laboris nisi ut aliquip ex ea commodo consequat duis aute irure dolor in reprehenderit in voluptate velit esse cillum dolore eu fugiat nulla pariatur excepteur sint occaecat cupidatat non proident sunt in culpa qui officia deserunt mollit anim id est laborum

T. C. LAWLESS,

Lorem ipsum dolor sit amet consectetur adipiscing elit sed do eiusmod tempor incididunt ut labore et dolore magna aliqua ut enim ad minim veniam quis nostrud exercitation ullamco laboris nisi ut aliquip ex ea commodo consequat duis aute irure dolor in reprehenderit in voluptate velit esse cillum dolore eu fugiat nulla pariatur excepteur sint occaecat cupidatat non proident sunt in culpa qui officia deserunt mollit anim id est laborum

Lorem ipsum dolor sit amet consectetur adipiscing elit sed do eiusmod tempor incididunt ut labore et dolore magna aliqua ut enim ad minim veniam quis nostrud exercitation ullamco laboris nisi ut aliquip ex ea commodo consequat duis aute irure dolor in reprehenderit in voluptate velit esse cillum dolore eu fugiat nulla pariatur excepteur sint occaecat cupidatat non proident sunt in culpa qui officia deserunt mollit anim id est laborum

Lorem ipsum dolor sit amet consectetur adipiscing elit sed do eiusmod tempor incididunt ut labore et dolore magna aliqua ut enim ad minim veniam quis nostrud exercitation ullamco laboris nisi ut aliquip ex ea commodo consequat duis aute irure dolor in reprehenderit in voluptate velit esse cillum dolore eu fugiat nulla pariatur excepteur sint occaecat cupidatat non proident sunt in culpa qui officia deserunt mollit anim id est laborum

COMMON, SHELTON & CO., Limited,
SEEDS. SEEDS. SEEDS.
JUST LANDED

Lorem ipsum dolor sit amet consectetur adipiscing elit sed do eiusmod tempor incididunt ut labore et dolore magna aliqua ut enim ad minim veniam quis nostrud exercitation ullamco laboris nisi ut aliquip ex ea commodo consequat duis aute irure dolor in reprehenderit in voluptate velit esse cillum dolore eu fugiat nulla pariatur excepteur sint occaecat cupidatat non proident sunt in culpa qui officia deserunt mollit anim id est laborum

Lorem ipsum dolor sit amet consectetur adipiscing elit sed do eiusmod tempor incididunt ut labore et dolore magna aliqua ut enim ad minim veniam quis nostrud exercitation ullamco laboris nisi ut aliquip ex ea commodo consequat duis aute irure dolor in reprehenderit in voluptate velit esse cillum dolore eu fugiat nulla pariatur excepteur sint occaecat cupidatat non proident sunt in culpa qui officia deserunt mollit anim id est laborum

XMAS NOVELTIES.

Lorem ipsum dolor sit amet consectetur adipiscing elit sed do eiusmod tempor incididunt ut labore et dolore magna aliqua ut enim ad minim veniam quis nostrud exercitation ullamco laboris nisi ut aliquip ex ea commodo consequat duis aute irure dolor in reprehenderit in voluptate velit esse cillum dolore eu fugiat nulla pariatur excepteur sint occaecat cupidatat non proident sunt in culpa qui officia deserunt mollit anim id est laborum

COMMON, SHELTON & CO Limited,
UNIVERSAL PROVIDERS.
W. A. O'MEARA,
MERCHANT,

Lorem ipsum dolor sit amet consectetur adipiscing elit sed do eiusmod tempor incididunt ut labore et dolore magna aliqua ut enim ad minim veniam quis nostrud exercitation ullamco laboris nisi ut aliquip ex ea commodo consequat duis aute irure dolor in reprehenderit in voluptate velit esse cillum dolore eu fugiat nulla pariatur excepteur sint occaecat cupidatat non proident sunt in culpa qui officia deserunt mollit anim id est laborum

FENCING WIRE.

Lorem ipsum dolor sit amet consectetur adipiscing elit sed do eiusmod tempor incididunt ut labore et dolore magna aliqua ut enim ad minim veniam quis nostrud exercitation ullamco laboris nisi ut aliquip ex ea commodo consequat duis aute irure dolor in reprehenderit in voluptate velit esse cillum dolore eu fugiat nulla pariatur excepteur sint occaecat cupidatat non proident sunt in culpa qui officia deserunt mollit anim id est laborum

GROCERIES OF THE HIGHEST QUALITY.
W. A. O'MEARA,
LAND, LAND,
LAND.
W. LISSANT CLAYTON,
ESTATE AGENT.
HOUSES,
SECTIONS,
HOUSES.

Lorem ipsum dolor sit amet consectetur adipiscing elit sed do eiusmod tempor incididunt ut labore et dolore magna aliqua ut enim ad minim veniam quis nostrud exercitation ullamco laboris nisi ut aliquip ex ea commodo consequat duis aute irure dolor in reprehenderit in voluptate velit esse cillum dolore eu fugiat nulla pariatur excepteur sint occaecat cupidatat non proident sunt in culpa qui officia deserunt mollit anim id est laborum

C. WATSON,
NOTICE.

Lorem ipsum dolor sit amet consectetur adipiscing elit sed do eiusmod tempor incididunt ut labore et dolore magna aliqua ut enim ad minim veniam quis nostrud exercitation ullamco laboris nisi ut aliquip ex ea commodo consequat duis aute irure dolor in reprehenderit in voluptate velit esse cillum dolore eu fugiat nulla pariatur excepteur sint occaecat cupidatat non proident sunt in culpa qui officia deserunt mollit anim id est laborum
